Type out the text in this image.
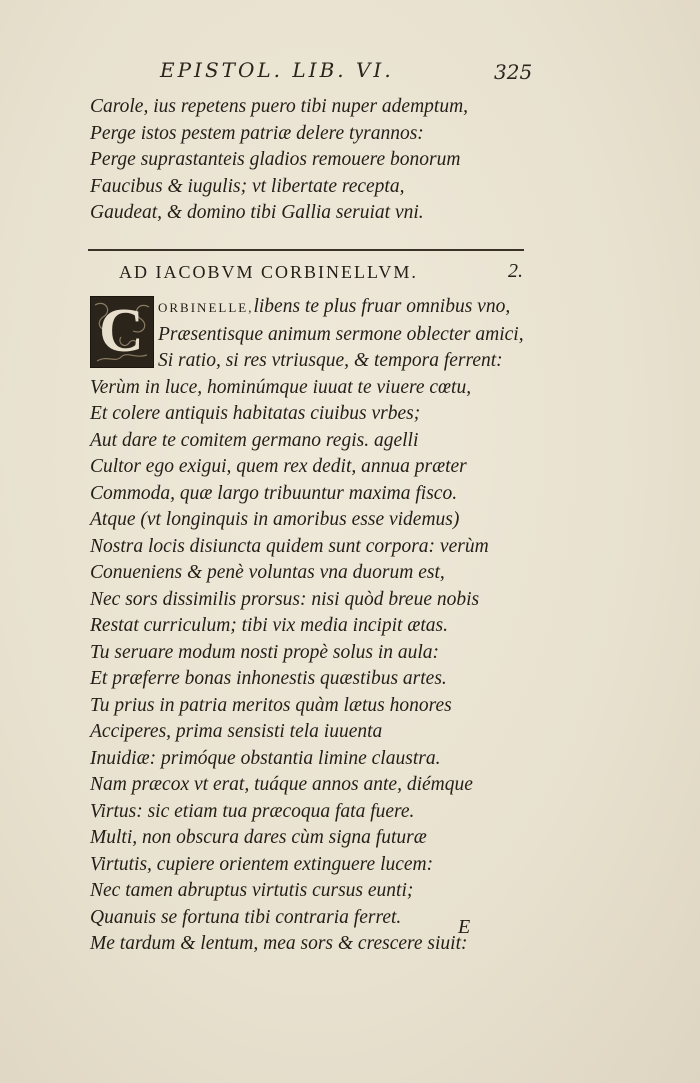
EPISTOL. LIB. VI.	325
Carole, ius repetens puero tibi nuper ademptum,
Perge istos pestem patriæ delere tyrannos:
Perge suprastanteis gladios remouere bonorum
Faucibus & iugulis; vt libertate recepta,
Gaudeat, & domino tibi Gallia seruiat vni.
AD IACOBVM CORBINELLVM.	2.
C	ORBINELLE,libens te plus fruar omnibus vno,
Præsentisque animum sermone oblecter amici,
Si ratio, si res vtriusque, & tempora ferrent:
Verùm in luce, hominúmque iuuat te viuere cœtu,
Et colere antiquis habitatas ciuibus vrbes;
Aut dare te comitem germano regis. agelli
Cultor ego exigui, quem rex dedit, annua præter
Commoda, quæ largo tribuuntur maxima fisco.
Atque (vt longinquis in amoribus esse videmus)
Nostra locis disiuncta quidem sunt corpora: verùm
Conueniens & penè voluntas vna duorum est,
Nec sors dissimilis prorsus: nisi quòd breue nobis
Restat curriculum; tibi vix media incipit ætas.
Tu seruare modum nosti propè solus in aula:
Et præferre bonas inhonestis quæstibus artes.
Tu prius in patria meritos quàm lætus honores
Acciperes, prima sensisti tela iuuenta
Inuidiæ: primóque obstantia limine claustra.
Nam præcox vt erat, tuáque annos ante, diémque
Virtus: sic etiam tua præcoqua fata fuere.
Multi, non obscura dares cùm signa futuræ
Virtutis, cupiere orientem extinguere lucem:
Nec tamen abruptus virtutis cursus eunti;
Quanuis se fortuna tibi contraria ferret.
Me tardum & lentum, mea sors & crescere siuit:
E
